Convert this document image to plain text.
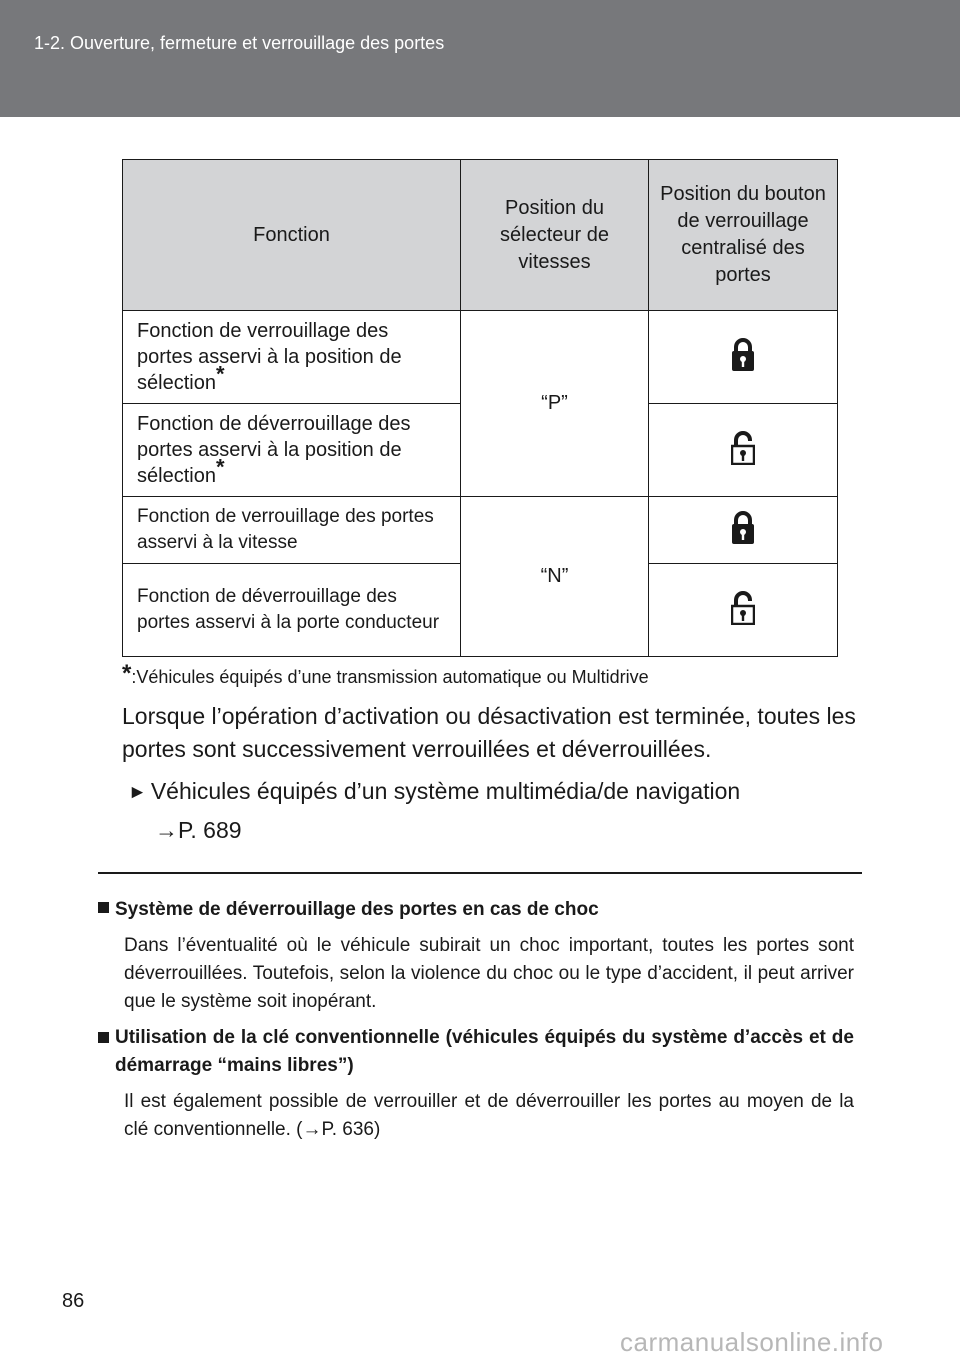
1-2. Ouverture, fermeture et verrouillage des portes
Fonction	Position du sélecteur de vitesses	Position du bouton de verrouillage centralisé des portes
Fonction de verrouillage des portes asservi à la position de sélection*	“P”	
Fonction de déverrouillage des portes asservi à la position de sélection*	
Fonction de verrouillage des portes asservi à la vitesse	“N”	
Fonction de déverrouillage des portes asservi à la porte conducteur	
*:Véhicules équipés d’une transmission automatique ou Multidrive
Lorsque l’opération d’activation ou désactivation est terminée, toutes les portes sont successivement verrouillées et déverrouillées.
► Véhicules équipés d’un système multimédia/de navigation
→P. 689
Système de déverrouillage des portes en cas de choc
Dans l’éventualité où le véhicule subirait un choc important, toutes les portes sont déverrouillées. Toutefois, selon la violence du choc ou le type d’accident, il peut arriver que le système soit inopérant.
Utilisation de la clé conventionnelle (véhicules équipés du système d’accès et de démarrage “mains libres”)
Il est également possible de verrouiller et de déverrouiller les portes au moyen de la clé conventionnelle. (→P. 636)
86
carmanualsonline.info
